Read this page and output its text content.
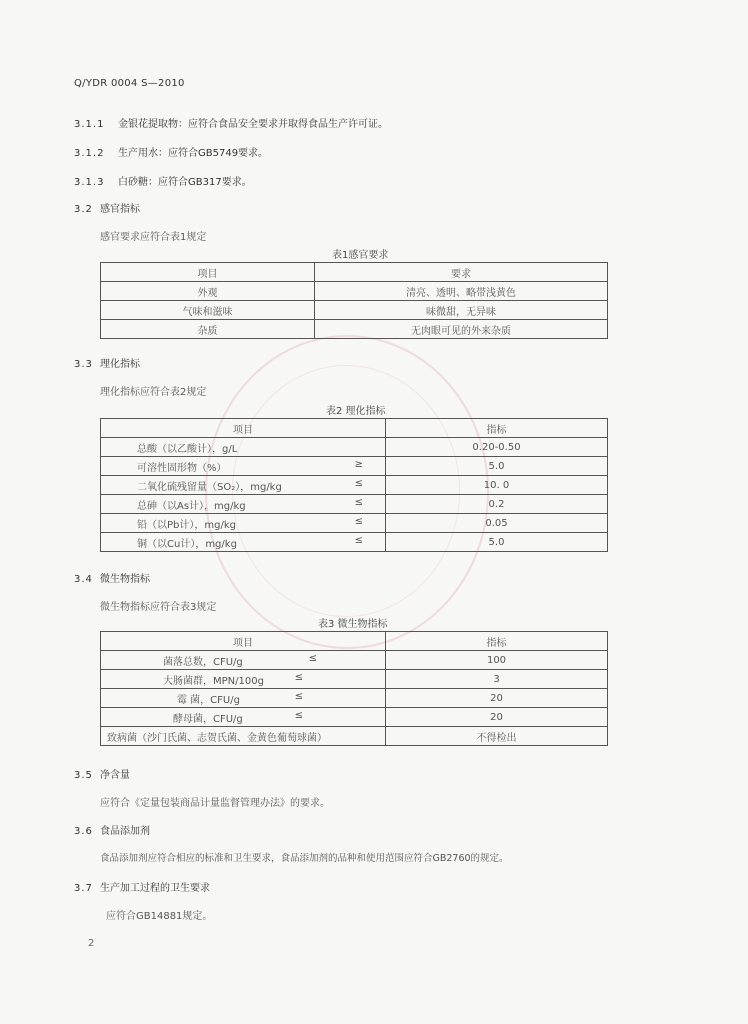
Q/YDR 0004 S—2010
3.1.1 金银花提取物：应符合食品安全要求并取得食品生产许可证。
3.1.2 生产用水：应符合GB5749要求。
3.1.3 白砂糖：应符合GB317要求。
3.2 感官指标
感官要求应符合表1规定
表1感官要求
项目	要求
外观	清亮、透明、略带浅黄色
气味和滋味	味微甜，无异味
杂质	无肉眼可见的外来杂质
3.3 理化指标
理化指标应符合表2规定
表2 理化指标
项目	指标
总酸（以乙酸计），g/L	0.20-0.50
可溶性固形物（%） ≥	5.0
二氧化硫残留量（SO₂），mg/kg ≤	10. 0
总砷（以As计），mg/kg ≤	0.2
铅（以Pb计），mg/kg ≤	0.05
铜（以Cu计），mg/kg ≤	5.0
3.4 微生物指标
微生物指标应符合表3规定
表3 微生物指标
项目	指标
菌落总数，CFU/g ≤	100
大肠菌群，MPN/100g ≤	3
霉 菌，CFU/g ≤	20
酵母菌，CFU/g ≤	20
致病菌（沙门氏菌、志贺氏菌、金黄色葡萄球菌）	不得检出
3.5 净含量
应符合《定量包装商品计量监督管理办法》的要求。
3.6 食品添加剂
食品添加剂应符合相应的标准和卫生要求，食品添加剂的品种和使用范围应符合GB2760的规定。
3.7 生产加工过程的卫生要求
应符合GB14881规定。
2
